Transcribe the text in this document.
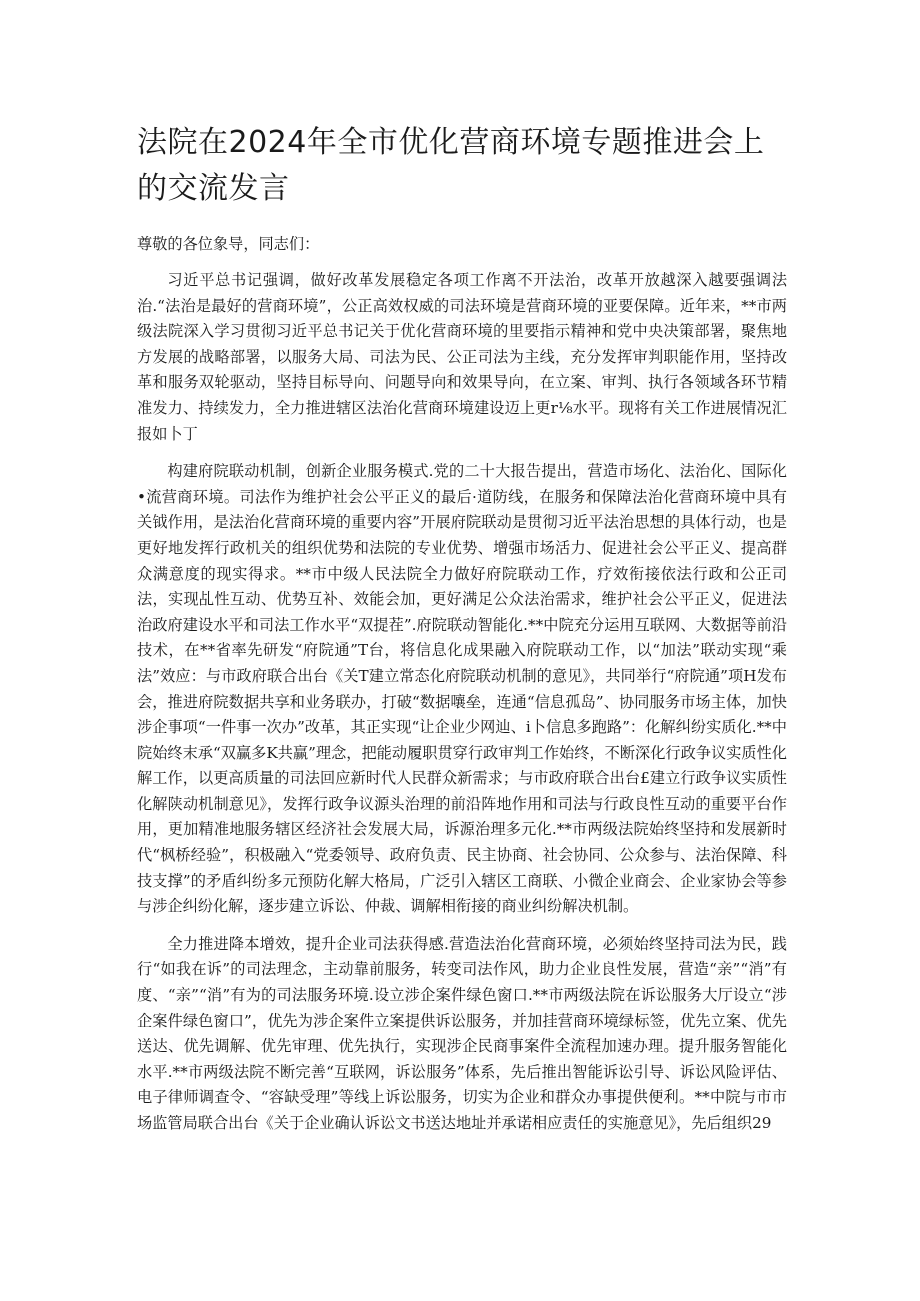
法院在2024年全市优化营商环境专题推进会上的交流发言

尊敬的各位象导，同志们：

习近平总书记强调，做好改革发展稳定各项工作离不开法治，改革开放越深入越要强调法治.“法治是最好的营商环境”，公正高效权威的司法环境是营商环境的亚要保障。近年来，**市两级法院深入学习贯彻习近平总书记关于优化营商环境的里要指示精神和党中央决策部署，聚焦地方发展的战略部署，以服务大局、司法为民、公正司法为主线，充分发挥审判职能作用，坚持改革和服务双轮驱动，坚持目标导向、问题导向和效果导向，在立案、审判、执行各领域各环节精准发力、持续发力，全力推进辖区法治化营商环境建设迈上更r⅛水平。现将有关工作进展情况汇报如卜丁

构建府院联动机制，创新企业服务模式.党的二十大报告提出，营造市场化、法治化、国际化•流营商环境。司法作为维护社会公平正义的最后·道防线，在服务和保障法治化营商环境中具有关钺作用，是法治化营商环境的重要内容”开展府院联动是贯彻习近平法治思想的具体行动，也是更好地发挥行政机关的组织优势和法院的专业优势、增强市场活力、促进社会公平正义、提高群众满意度的现实得求。**市中级人民法院全力做好府院联动工作，疗效衔接依法行政和公正司法，实现乩性互动、优势互补、效能会加，更好满足公众法治需求，维护社会公平正义，促进法治政府建设水平和司法工作水平“双提茬”.府院联动智能化.**中院充分运用互联网、大数据等前沿技术，在**省率先研发“府院通”T台，将信息化成果融入府院联动工作，以“加法”联动实现“乘法”效应：与市政府联合出台《关T建立常态化府院联动机制的意见》，共同举行“府院通”项H发布会，推进府院数据共享和业务联办，打破“数据嚷垒，连通“信息孤岛”、协同服务市场主体，加快涉企事项“一件事一次办”改革，其正实现“让企业少网辿、i卜信息多跑路”：化解纠纷实质化.**中院始终末承“双赢多K共赢”理念，把能动履职贯穿行政审判工作始终，不断深化行政争议实质性化解工作，以更高质量的司法回应新时代人民群众新需求；与市政府联合出台£建立行政争议实质性化解陕动机制意见》，发挥行政争议源头治理的前沿阵地作用和司法与行政良性互动的重要平台作用，更加精准地服务辖区经济社会发展大局，诉源治理多元化.**市两级法院始终坚持和发展新时代“枫桥经验”，积极融入“党委领导、政府负责、民主协商、社会协同、公众参与、法治保障、科技支撑”的矛盾纠纷多元预防化解大格局，广泛引入辖区工商联、小微企业商会、企业家协会等参与涉企纠纷化解，逐步建立诉讼、仲裁、调解相衔接的商业纠纷解决机制。

全力推进降本增效，提升企业司法获得感.营造法治化营商环境，必须始终坚持司法为民，践行“如我在诉”的司法理念，主动靠前服务，转变司法作风，助力企业良性发展，营造“亲”“消”有度、“亲”“消”有为的司法服务环境.设立涉企案件绿色窗口.**市两级法院在诉讼服务大厅设立“涉企案件绿色窗口”，优先为涉企案件立案提供诉讼服务，并加挂营商环境绿标签，优先立案、优先送达、优先调解、优先审理、优先执行，实现涉企民商事案件全流程加速办理。提升服务智能化水平.**市两级法院不断完善“互联网，诉讼服务”体系，先后推出智能诉讼引导、诉讼风险评估、电子律师调查令、“容缺受理”等线上诉讼服务，切实为企业和群众办事提供便利。**中院与市市场监管局联合出台《关于企业确认诉讼文书送达地址并承诺相应责任的实施意见》，先后组织29
